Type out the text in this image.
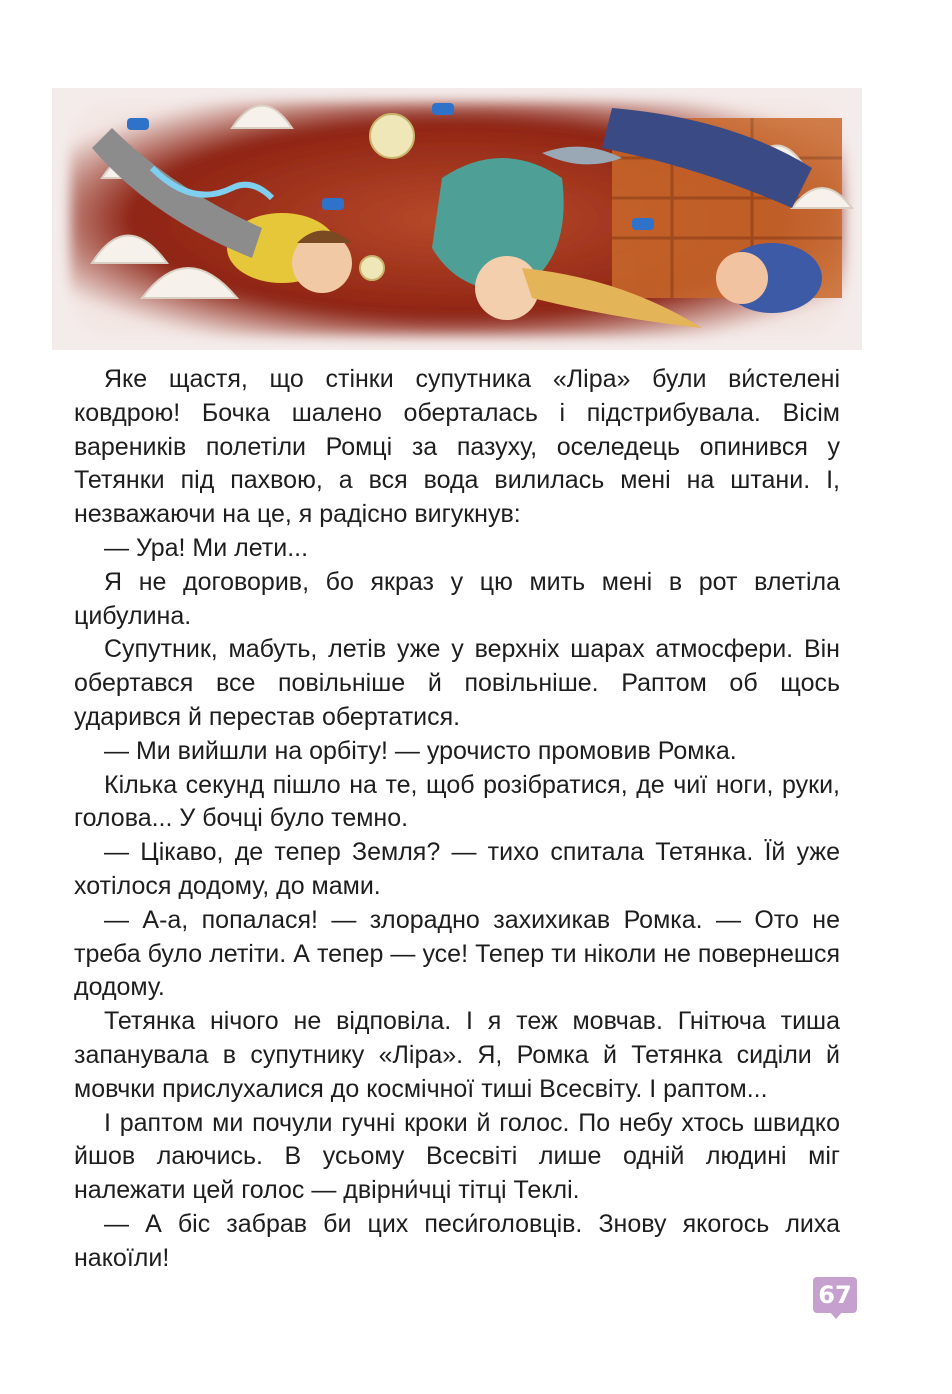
Яке щастя, що стінки супутника «Ліра» були ви́стелені ковдрою! Бочка шалено оберталась і підстрибувала. Вісім вареників полетіли Ромці за пазуху, оселедець опинився у Тетянки під пахвою, а вся вода вилилась мені на штани. І, незважаючи на це, я радісно вигукнув:

— Ура! Ми лети...

Я не договорив, бо якраз у цю мить мені в рот влетіла цибулина.

Супутник, мабуть, летів уже у верхніх шарах атмосфери. Він обертався все повільніше й повільніше. Раптом об щось ударився й перестав обертатися.

— Ми вийшли на орбіту! — урочисто промовив Ромка.

Кілька секунд пішло на те, щоб розібратися, де чиї ноги, руки, голова... У бочці було темно.

— Цікаво, де тепер Земля? — тихо спитала Тетянка. Їй уже хотілося додому, до мами.

— А-а, попалася! — злорадно захихикав Ромка. — Ото не треба було летіти. А тепер — усе! Тепер ти ніколи не повернешся додому.

Тетянка нічого не відповіла. І я теж мовчав. Гнітюча тиша запанувала в супутнику «Ліра». Я, Ромка й Тетянка сиділи й мовчки прислухалися до космічної тиші Всесвіту. І раптом...

І раптом ми почули гучні кроки й голос. По небу хтось швидко йшов лаючись. В усьому Всесвіті лише одній людині міг належати цей голос — двірни́чці тітці Теклі.

— А біс забрав би цих песи́головців. Знову якогось лиха накоїли!

67
